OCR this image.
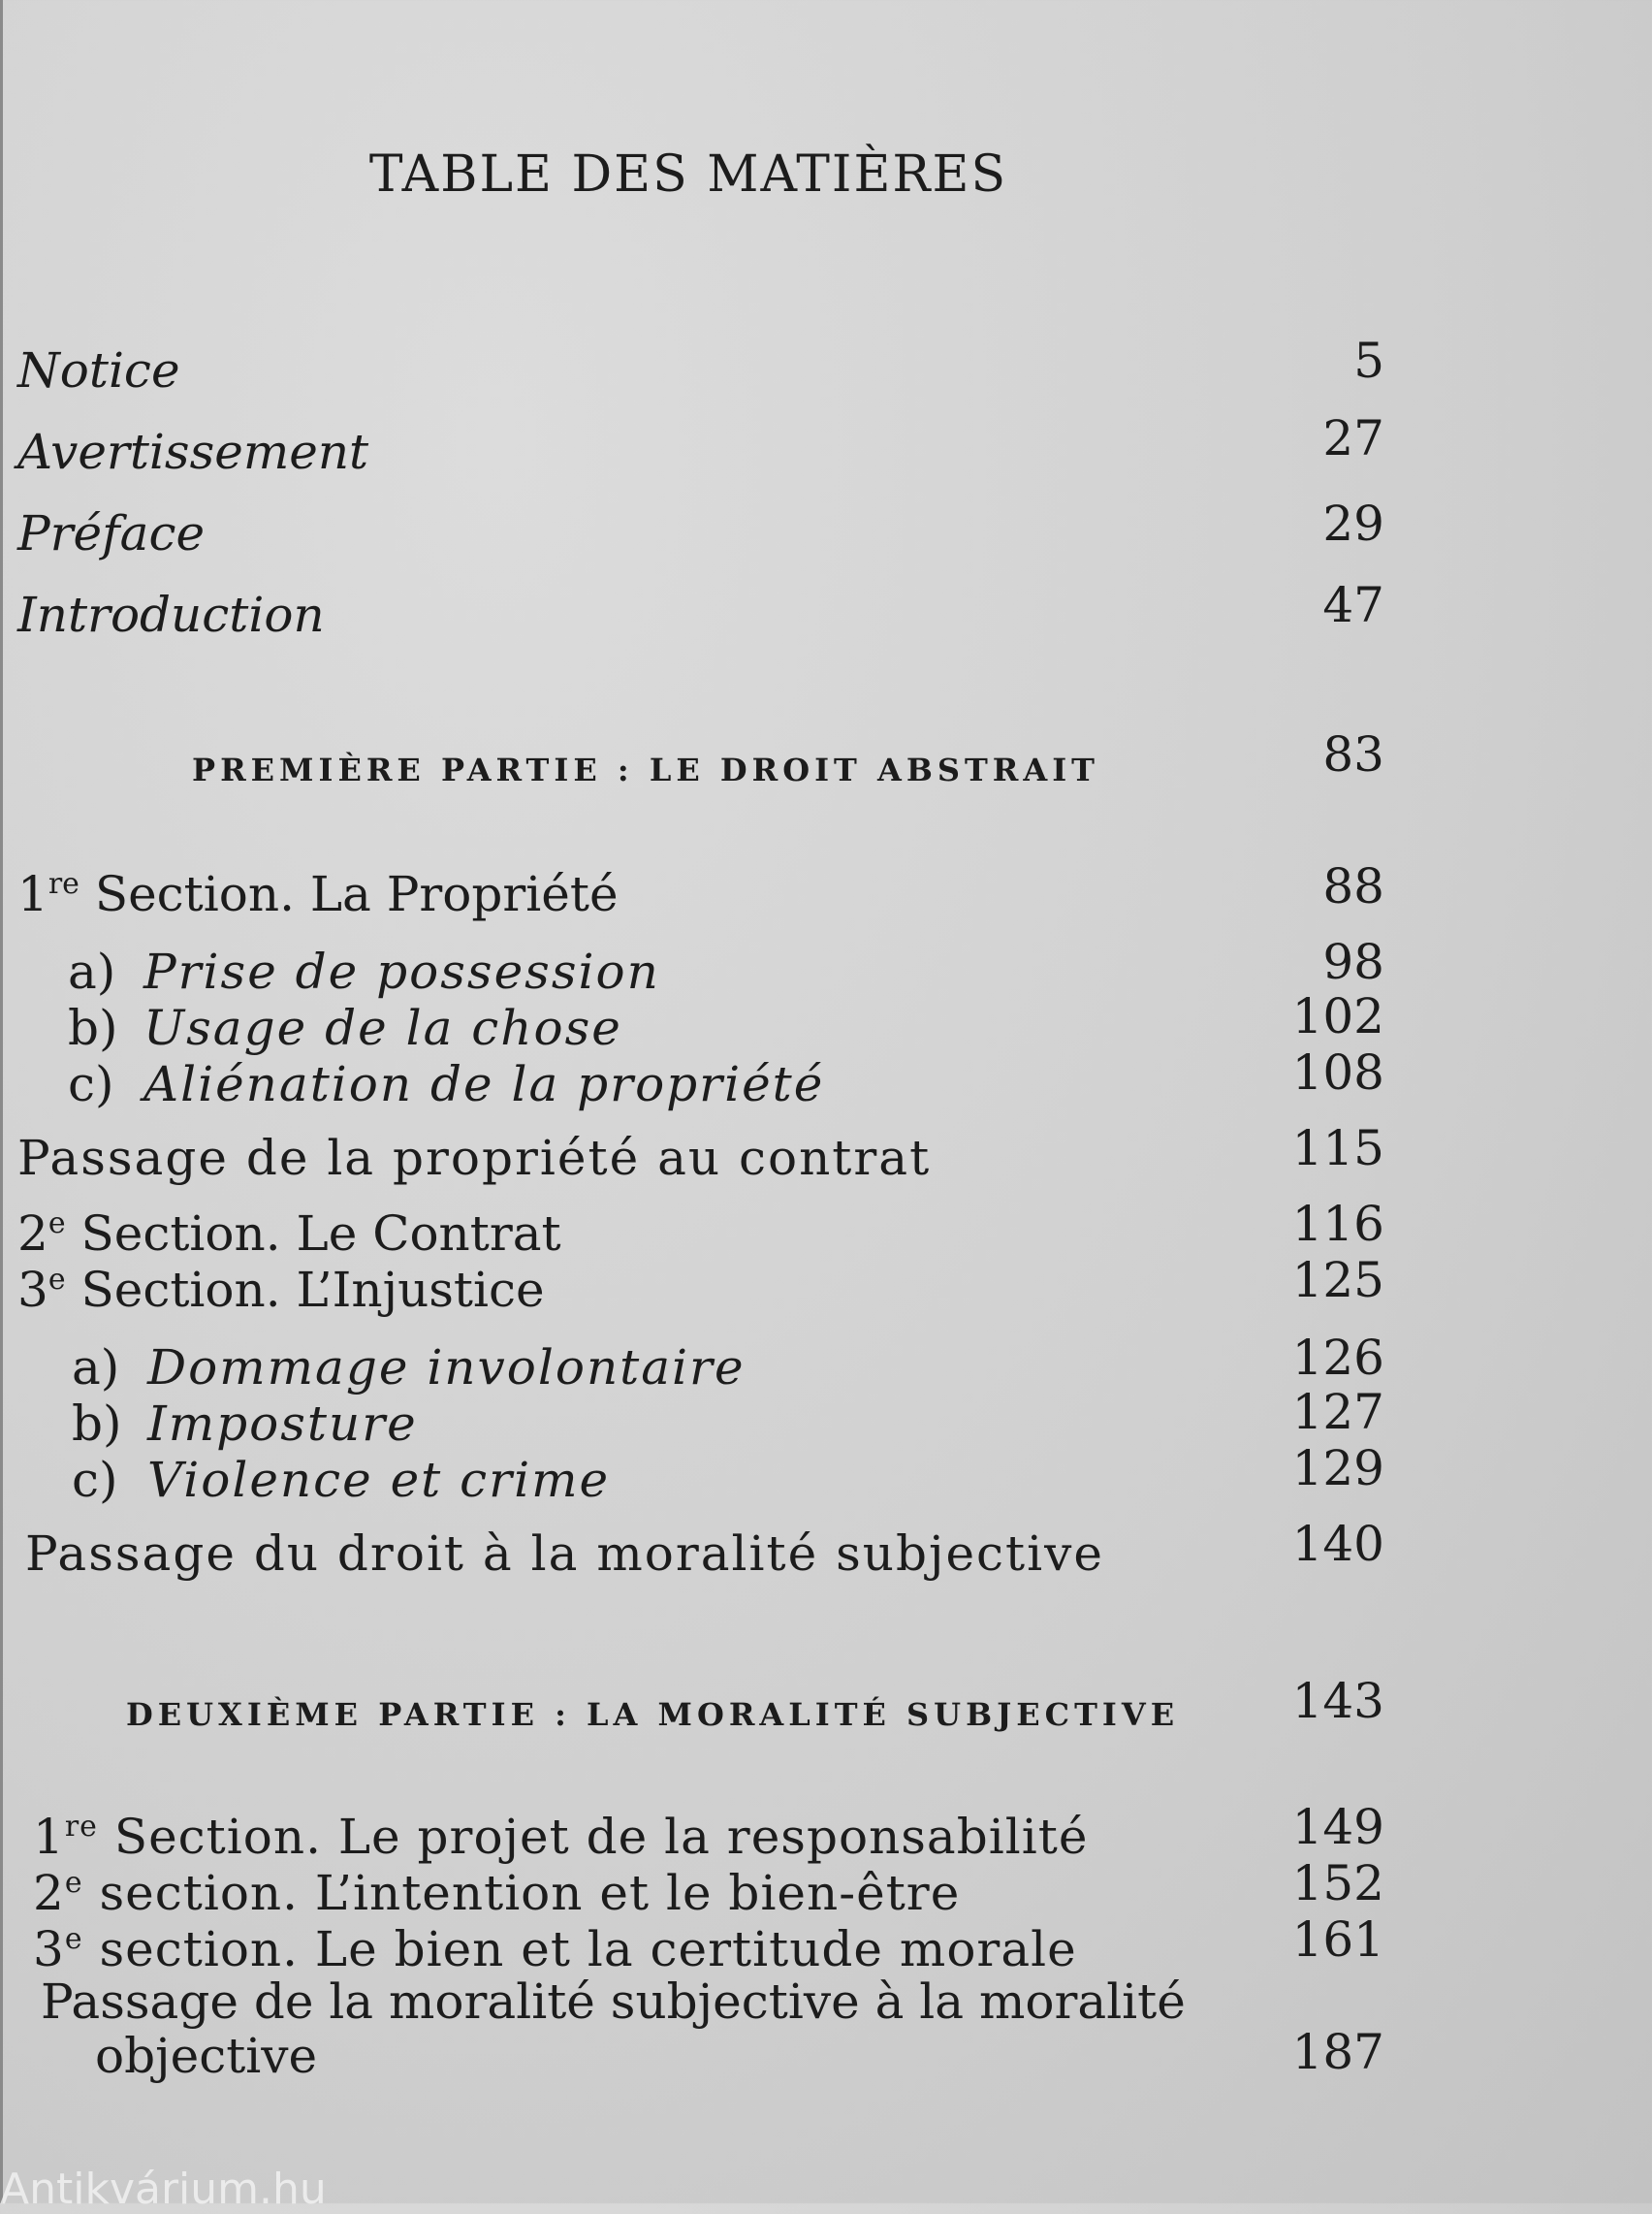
TABLE DES MATIÈRES
Notice	5
Avertissement	27
Préface	29
Introduction	47
PREMIÈRE PARTIE : LE DROIT ABSTRAIT	83
1re Section. La Propriété	88
a) Prise de possession	98
b) Usage de la chose	102
c) Aliénation de la propriété	108
Passage de la propriété au contrat	115
2e Section. Le Contrat	116
3e Section. L’Injustice	125
a) Dommage involontaire	126
b) Imposture	127
c) Violence et crime	129
Passage du droit à la moralité subjective	140
DEUXIÈME PARTIE : LA MORALITÉ SUBJECTIVE 143
1re Section. Le projet de la responsabilité	149
2e section. L’intention et le bien-être	152
3e section. Le bien et la certitude morale	161
Passage de la moralité subjective à la moralité
objective	187
Antikvárium.hu
